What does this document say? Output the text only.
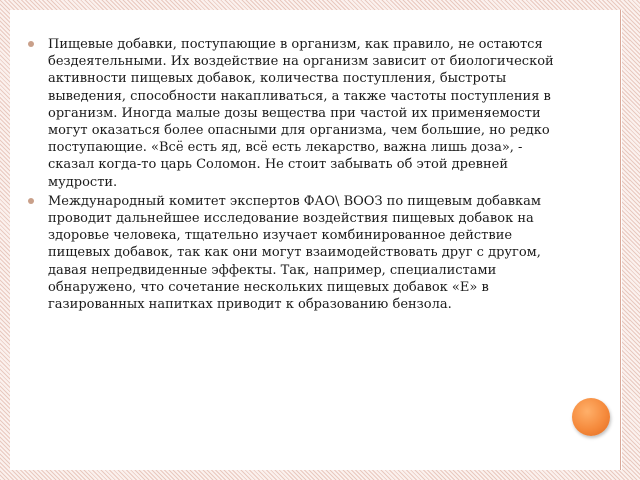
Пищевые добавки, поступающие в организм, как правило, не остаются бездеятельными. Их воздействие на организм зависит от биологической активности пищевых добавок, количества поступления, быстроты выведения, способности накапливаться, а также частоты поступления в организм. Иногда малые дозы вещества при частой их применяемости могут оказаться более опасными для организма, чем большие, но редко поступающие. «Всё есть яд, всё есть лекарство, важна лишь доза», - сказал когда-то царь Соломон. Не стоит забывать об этой древней мудрости.
Международный комитет экспертов ФАО\ ВООЗ по пищевым добавкам проводит дальнейшее исследование воздействия пищевых добавок на здоровье человека, тщательно изучает комбинированное действие пищевых добавок, так как они могут взаимодействовать друг с другом, давая непредвиденные эффекты. Так, например, специалистами обнаружено, что сочетание нескольких пищевых добавок «Е» в газированных напитках приводит к образованию бензола.
